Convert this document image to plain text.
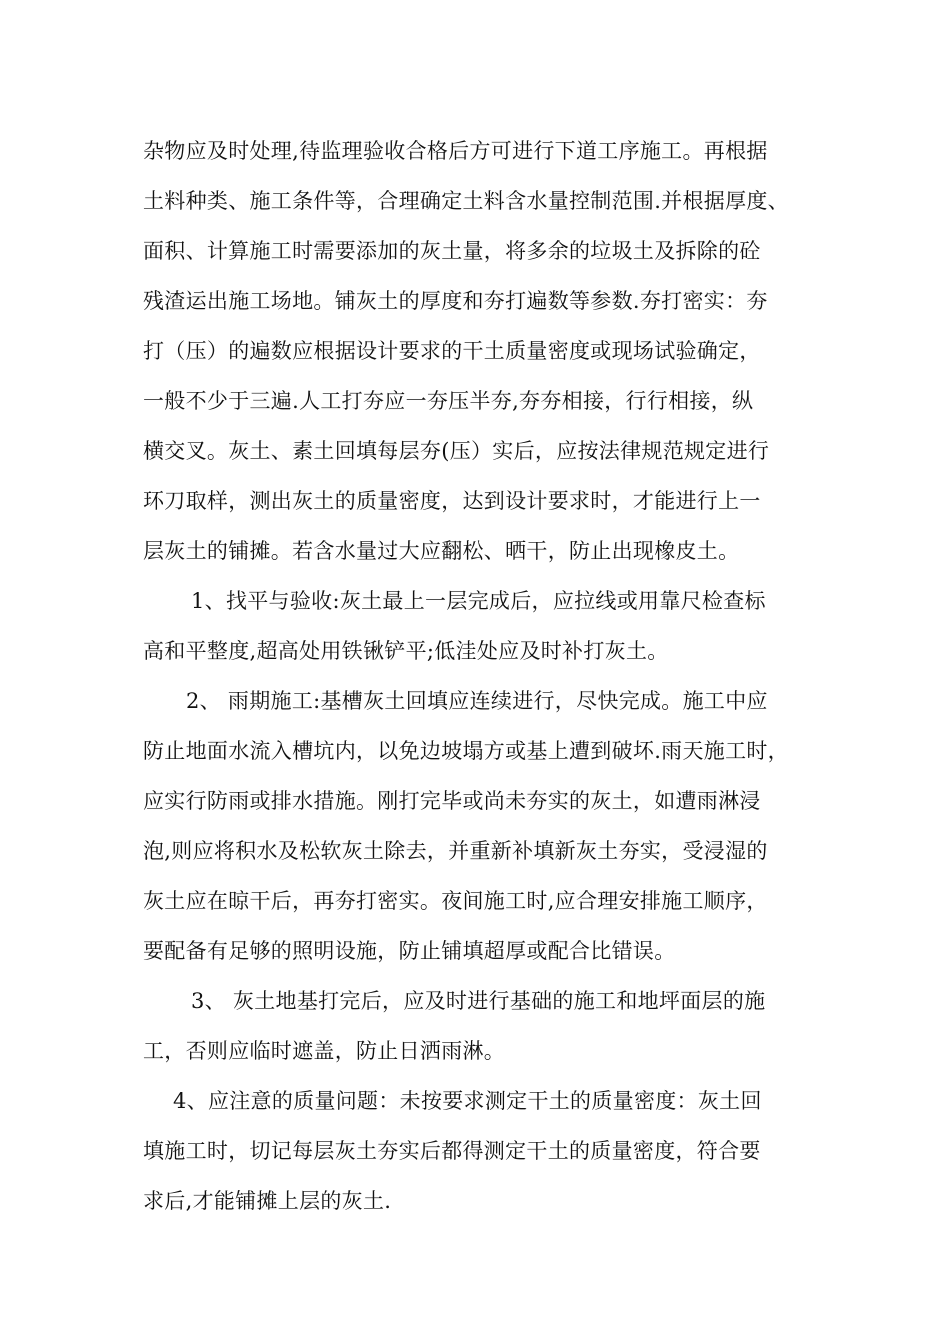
杂物应及时处理,待监理验收合格后方可进行下道工序施工。再根据
土料种类、施工条件等，合理确定土料含水量控制范围.并根据厚度、
面积、计算施工时需要添加的灰土量，将多余的垃圾土及拆除的砼
残渣运出施工场地。铺灰土的厚度和夯打遍数等参数.夯打密实：夯
打（压）的遍数应根据设计要求的干土质量密度或现场试验确定，
一般不少于三遍.人工打夯应一夯压半夯,夯夯相接，行行相接，纵
横交叉。灰土、素土回填每层夯(压）实后，应按法律规范规定进行
环刀取样，测出灰土的质量密度，达到设计要求时，才能进行上一
层灰土的铺摊。若含水量过大应翻松、晒干，防止出现橡皮土。
1、找平与验收:灰土最上一层完成后，应拉线或用靠尺检查标
高和平整度,超高处用铁锹铲平;低洼处应及时补打灰土。
2、 雨期施工:基槽灰土回填应连续进行，尽快完成。施工中应
防止地面水流入槽坑内，以免边坡塌方或基上遭到破坏.雨天施工时，
应实行防雨或排水措施。刚打完毕或尚未夯实的灰土，如遭雨淋浸
泡,则应将积水及松软灰土除去，并重新补填新灰土夯实，受浸湿的
灰土应在晾干后，再夯打密实。夜间施工时,应合理安排施工顺序，
要配备有足够的照明设施，防止铺填超厚或配合比错误。
3、 灰土地基打完后，应及时进行基础的施工和地坪面层的施
工，否则应临时遮盖，防止日洒雨淋。
4、应注意的质量问题：未按要求测定干土的质量密度：灰土回
填施工时，切记每层灰土夯实后都得测定干土的质量密度，符合要
求后,才能铺摊上层的灰土.
